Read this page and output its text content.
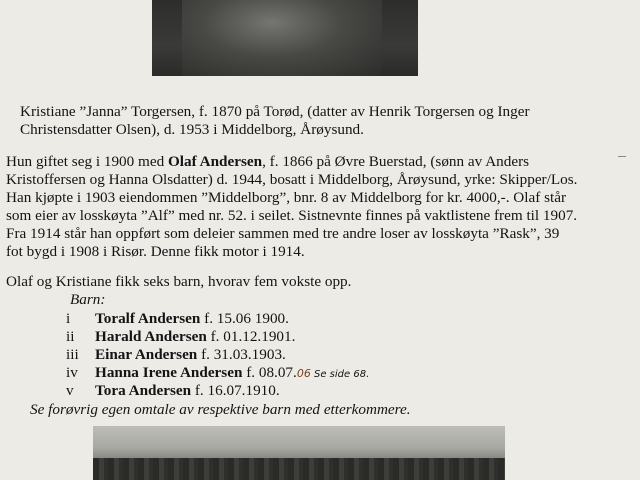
Kristiane ”Janna” Torgersen, f. 1870 på Torød, (datter av Henrik Torgersen og Inger
Christensdatter Olsen), d. 1953 i Middelborg, Årøysund.
Hun giftet seg i 1900 med Olaf Andersen, f. 1866 på Øvre Buerstad, (sønn av Anders
Kristoffersen og Hanna Olsdatter) d. 1944, bosatt i Middelborg, Årøysund, yrke: Skipper/Los.
Han kjøpte i 1903 eiendommen ”Middelborg”, bnr. 8 av Middelborg for kr. 4000,-. Olaf står
som eier av losskøyta ”Alf” med nr. 52. i seilet. Sistnevnte finnes på vaktlistene frem til 1907.
Fra 1914 står han oppført som deleier sammen med tre andre loser av losskøyta ”Rask”, 39
fot bygd i 1908 i Risør. Denne fikk motor i 1914.
Olaf og Kristiane fikk seks barn, hvorav fem vokste opp.
Barn:
i Toralf Andersen f. 15.06 1900.
ii Harald Andersen f. 01.12.1901.
iii Einar Andersen f. 31.03.1903.
iv Hanna Irene Andersen f. 08.07.06 Se side 68.
v Tora Andersen f. 16.07.1910.
Se forøvrig egen omtale av respektive barn med etterkommere.
